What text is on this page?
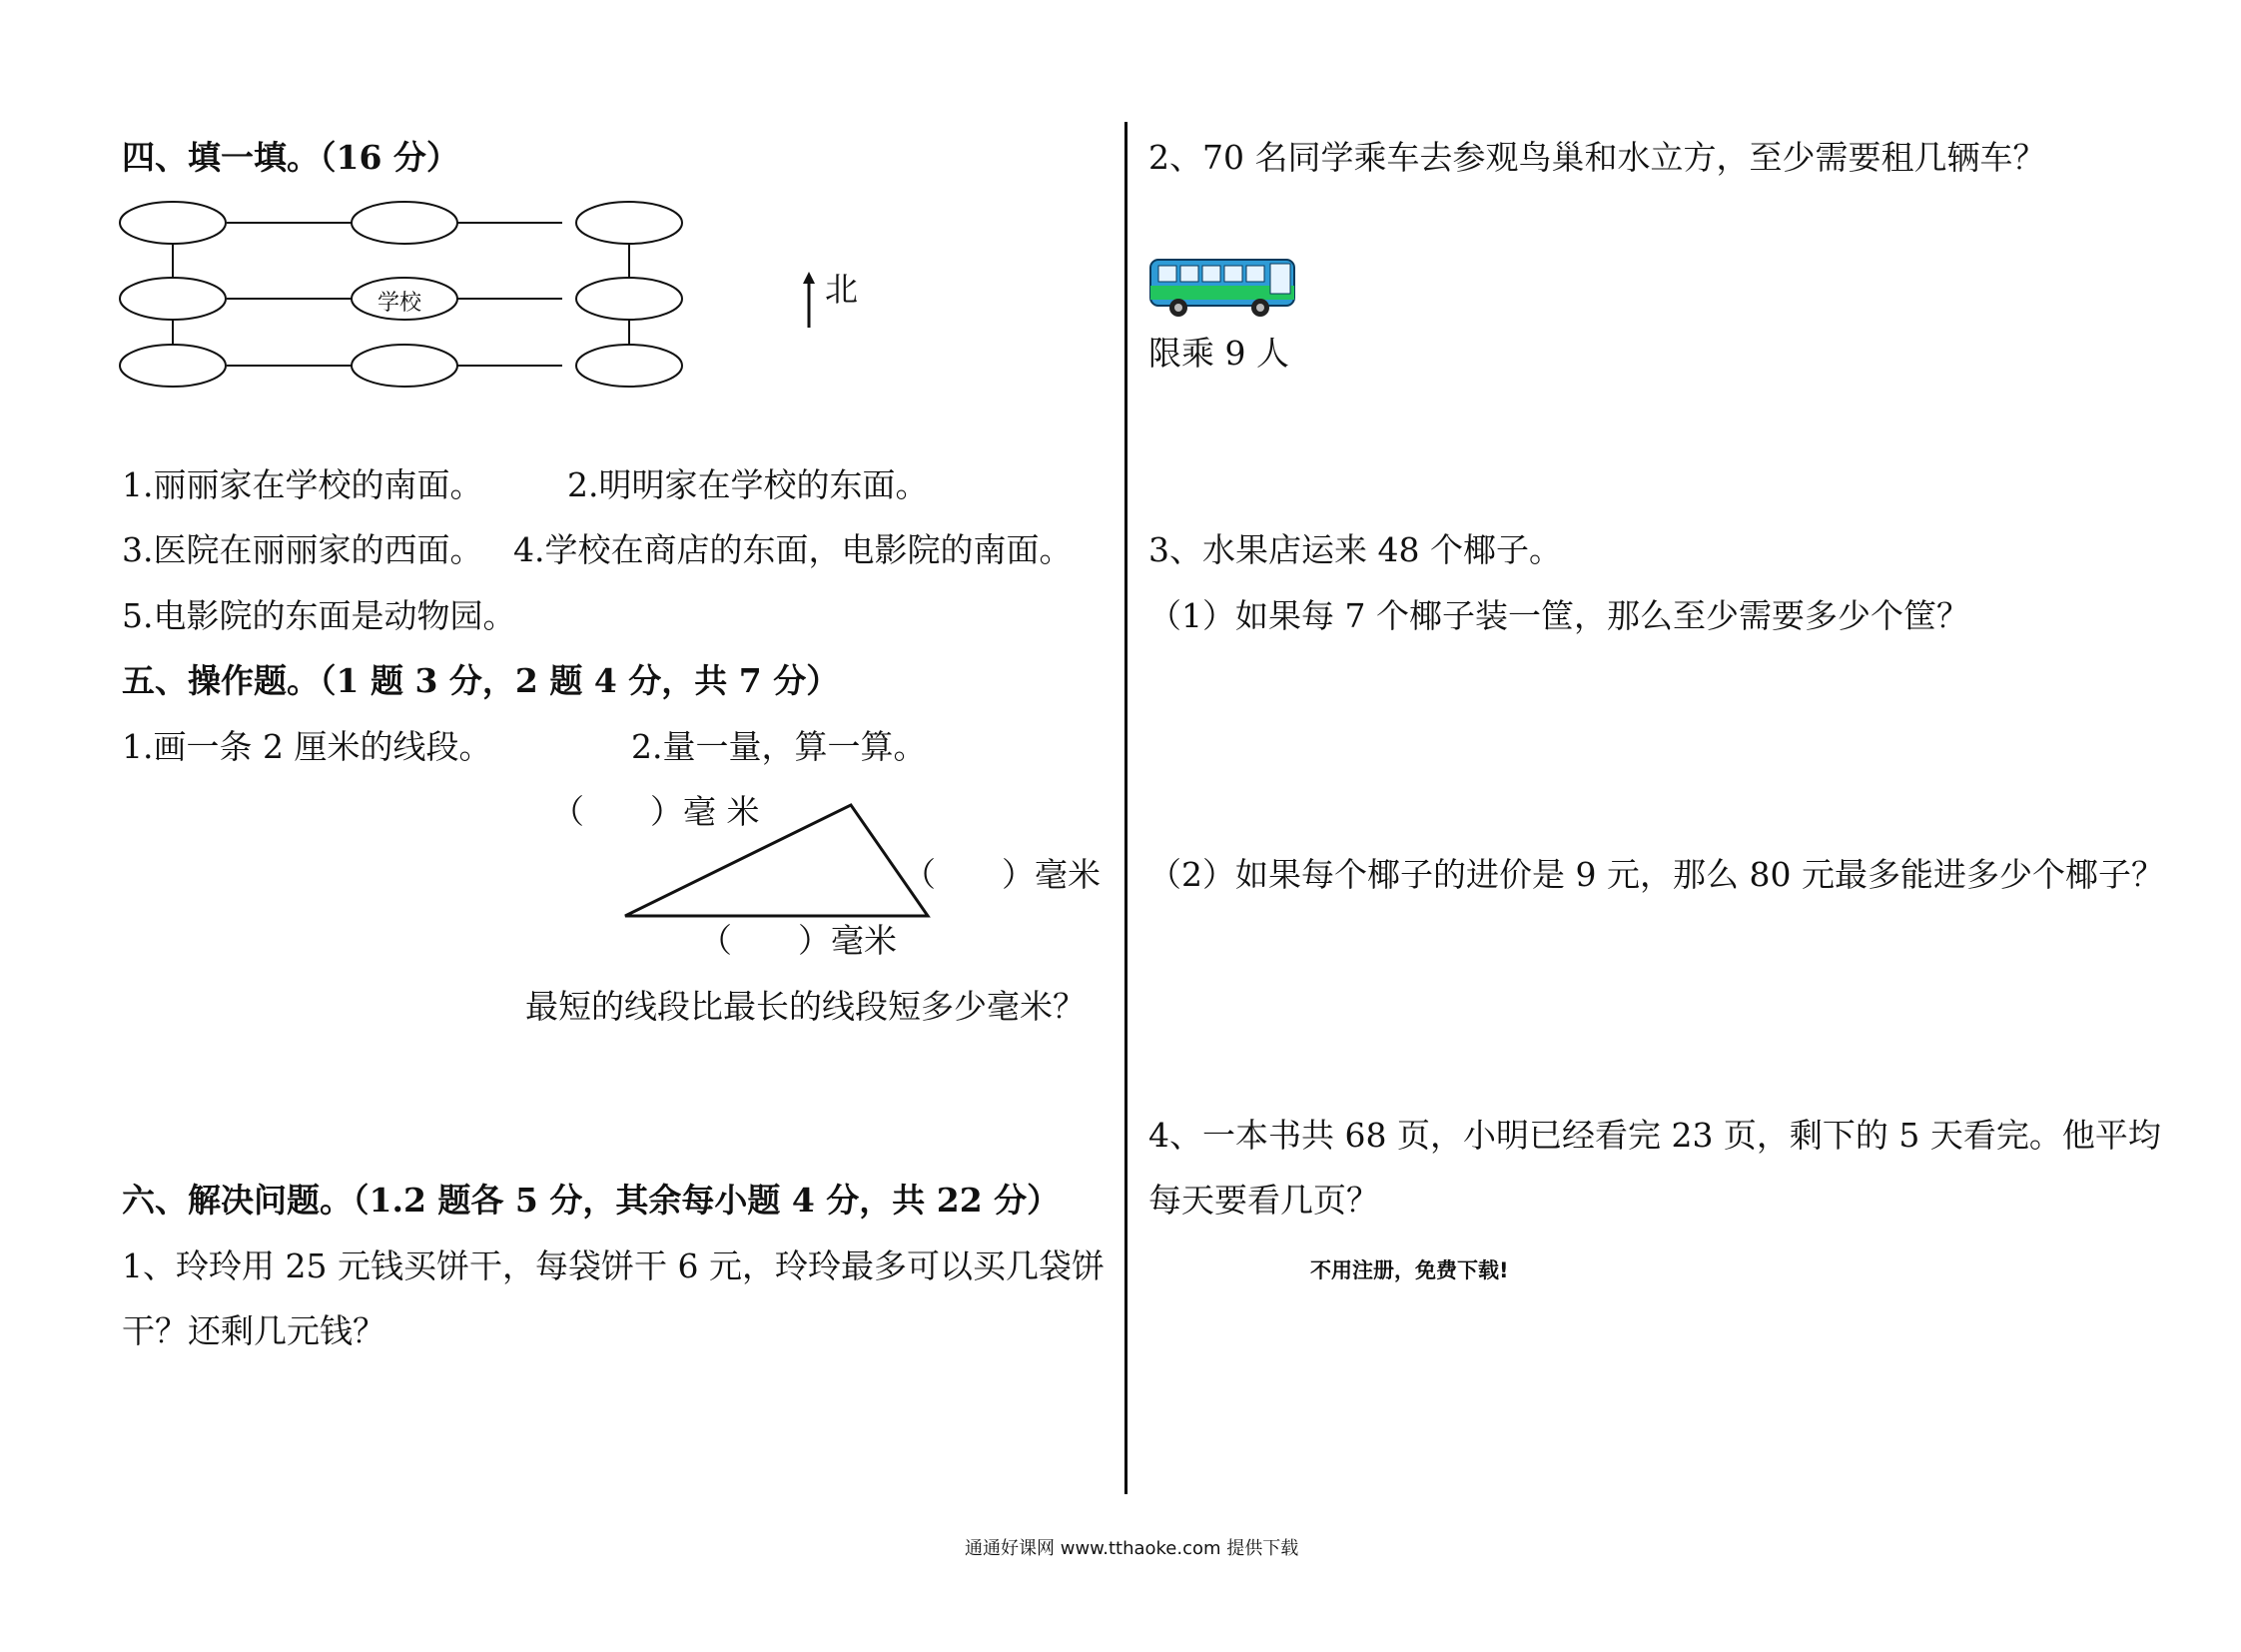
四、填一填。（16 分）
学校	北
1.丽丽家在学校的南面。	2.明明家在学校的东面。
3.医院在丽丽家的西面。 4.学校在商店的东面，电影院的南面。
5.电影院的东面是动物园。
五、操作题。（1 题 3 分，2 题 4 分，共 7 分）
1.画一条 2 厘米的线段。	2.量一量，算一算。
（　　）毫 米
（　　）毫米
（　　）毫米
最短的线段比最长的线段短多少毫米？
六、解决问题。（1.2 题各 5 分，其余每小题 4 分，共 22 分）
1、玲玲用 25 元钱买饼干，每袋饼干 6 元，玲玲最多可以买几袋饼
干？还剩几元钱？
2、70 名同学乘车去参观鸟巢和水立方，至少需要租几辆车？
限乘 9 人
3、水果店运来 48 个椰子。
（1）如果每 7 个椰子装一筐，那么至少需要多少个筐？
（2）如果每个椰子的进价是 9 元，那么 80 元最多能进多少个椰子？
4、一本书共 68 页，小明已经看完 23 页，剩下的 5 天看完。他平均
每天要看几页？
不用注册，免费下载!
通通好课网 www.tthaoke.com 提供下载
